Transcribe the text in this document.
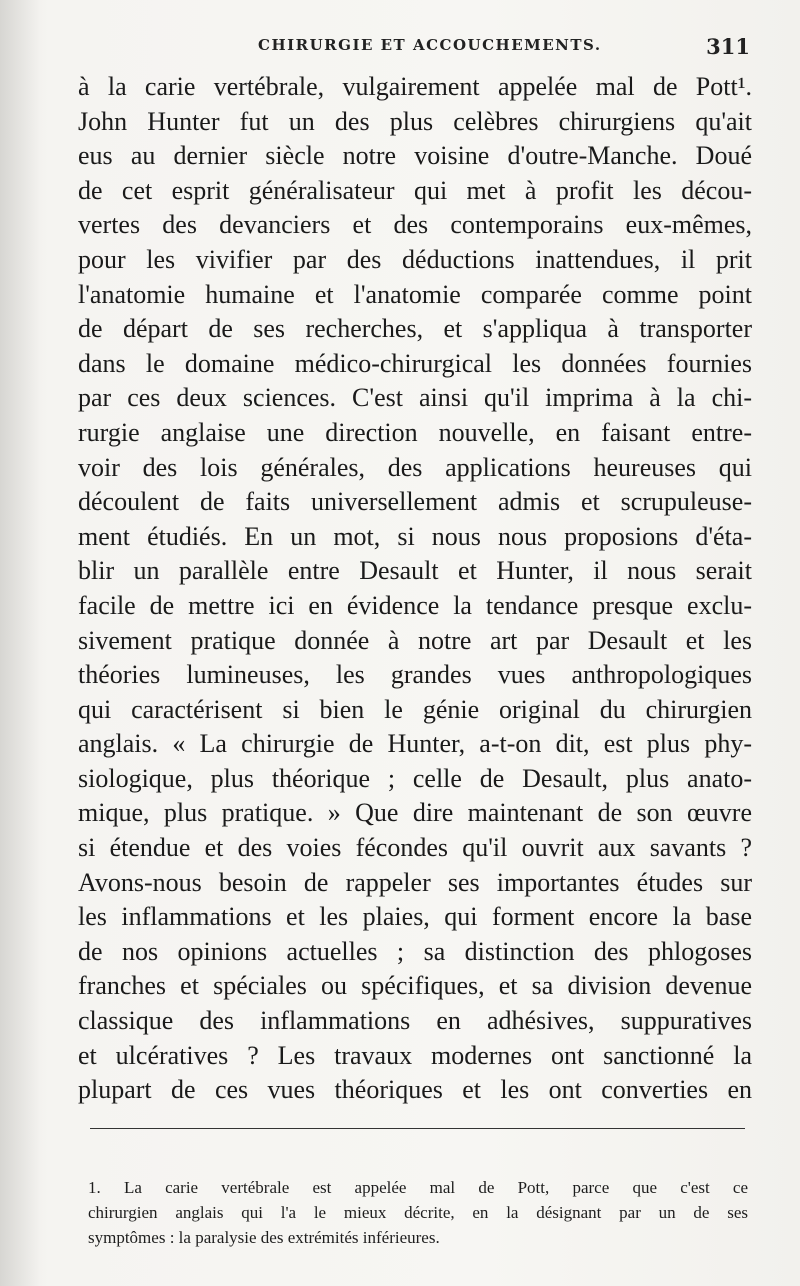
CHIRURGIE ET ACCOUCHEMENTS.	311
à la carie vertébrale, vulgairement appelée mal de Pott¹.
John Hunter fut un des plus celèbres chirurgiens qu'ait
eus au dernier siècle notre voisine d'outre-Manche. Doué
de cet esprit généralisateur qui met à profit les décou-
vertes des devanciers et des contemporains eux-mêmes,
pour les vivifier par des déductions inattendues, il prit
l'anatomie humaine et l'anatomie comparée comme point
de départ de ses recherches, et s'appliqua à transporter
dans le domaine médico-chirurgical les données fournies
par ces deux sciences. C'est ainsi qu'il imprima à la chi-
rurgie anglaise une direction nouvelle, en faisant entre-
voir des lois générales, des applications heureuses qui
découlent de faits universellement admis et scrupuleuse-
ment étudiés. En un mot, si nous nous proposions d'éta-
blir un parallèle entre Desault et Hunter, il nous serait
facile de mettre ici en évidence la tendance presque exclu-
sivement pratique donnée à notre art par Desault et les
théories lumineuses, les grandes vues anthropologiques
qui caractérisent si bien le génie original du chirurgien
anglais. « La chirurgie de Hunter, a-t-on dit, est plus phy-
siologique, plus théorique ; celle de Desault, plus anato-
mique, plus pratique. » Que dire maintenant de son œuvre
si étendue et des voies fécondes qu'il ouvrit aux savants ?
Avons-nous besoin de rappeler ses importantes études sur
les inflammations et les plaies, qui forment encore la base
de nos opinions actuelles ; sa distinction des phlogoses
franches et spéciales ou spécifiques, et sa division devenue
classique des inflammations en adhésives, suppuratives
et ulcératives ? Les travaux modernes ont sanctionné la
plupart de ces vues théoriques et les ont converties en
1. La carie vertébrale est appelée mal de Pott, parce que c'est ce
chirurgien anglais qui l'a le mieux décrite, en la désignant par un de ses
symptômes : la paralysie des extrémités inférieures.
